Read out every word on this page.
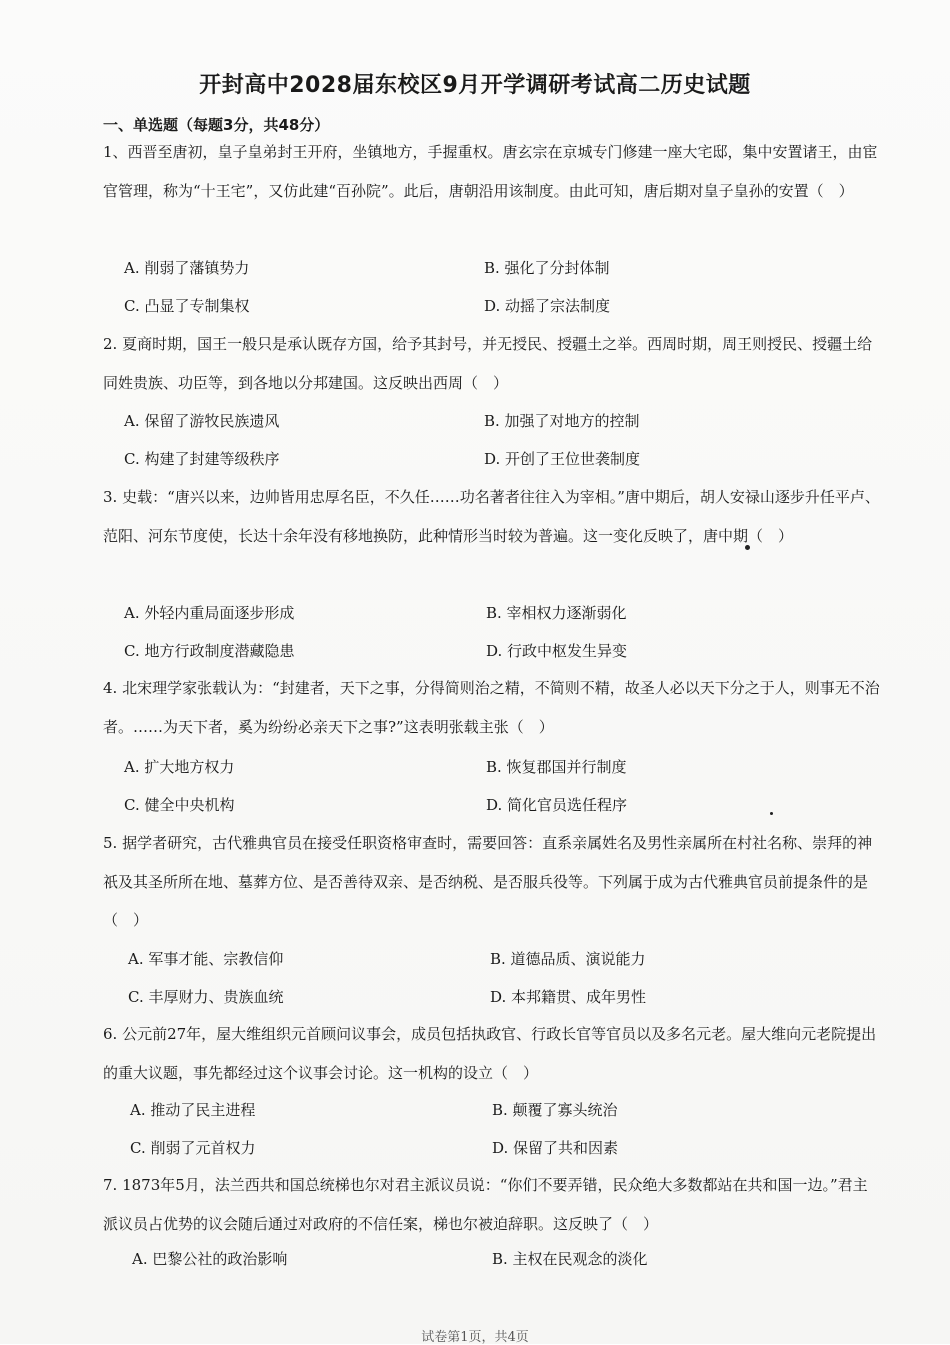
开封高中2028届东校区9月开学调研考试高二历史试题
一、单选题（每题3分，共48分）
1、西晋至唐初，皇子皇弟封王开府，坐镇地方，手握重权。唐玄宗在京城专门修建一座大宅邸，集中安置诸王，由宦官管理，称为“十王宅”，又仿此建“百孙院”。此后，唐朝沿用该制度。由此可知，唐后期对皇子皇孙的安置（　）
A. 削弱了藩镇势力	B. 强化了分封体制
C. 凸显了专制集权	D. 动摇了宗法制度
2. 夏商时期，国王一般只是承认既存方国，给予其封号，并无授民、授疆土之举。西周时期，周王则授民、授疆土给同姓贵族、功臣等，到各地以分邦建国。这反映出西周（　）
A. 保留了游牧民族遗风	B. 加强了对地方的控制
C. 构建了封建等级秩序	D. 开创了王位世袭制度
3. 史载：“唐兴以来，边帅皆用忠厚名臣，不久任……功名著者往往入为宰相。”唐中期后，胡人安禄山逐步升任平卢、范阳、河东节度使，长达十余年没有移地换防，此种情形当时较为普遍。这一变化反映了，唐中期（　）
A. 外轻内重局面逐步形成	B. 宰相权力逐渐弱化
C. 地方行政制度潜藏隐患	D. 行政中枢发生异变
4. 北宋理学家张载认为：“封建者，天下之事，分得简则治之精，不简则不精，故圣人必以天下分之于人，则事无不治者。……为天下者，奚为纷纷必亲天下之事?”这表明张载主张（　）
A. 扩大地方权力	B. 恢复郡国并行制度
C. 健全中央机构	D. 简化官员选任程序
5. 据学者研究，古代雅典官员在接受任职资格审查时，需要回答：直系亲属姓名及男性亲属所在村社名称、崇拜的神祇及其圣所所在地、墓葬方位、是否善待双亲、是否纳税、是否服兵役等。下列属于成为古代雅典官员前提条件的是（　）
A. 军事才能、宗教信仰	B. 道德品质、演说能力
C. 丰厚财力、贵族血统	D. 本邦籍贯、成年男性
6. 公元前27年，屋大维组织元首顾问议事会，成员包括执政官、行政长官等官员以及多名元老。屋大维向元老院提出的重大议题，事先都经过这个议事会讨论。这一机构的设立（　）
A. 推动了民主进程	B. 颠覆了寡头统治
C. 削弱了元首权力	D. 保留了共和因素
7. 1873年5月，法兰西共和国总统梯也尔对君主派议员说：“你们不要弄错，民众绝大多数都站在共和国一边。”君主派议员占优势的议会随后通过对政府的不信任案，梯也尔被迫辞职。这反映了（　）
A. 巴黎公社的政治影响	B. 主权在民观念的淡化
试卷第1页，共4页
